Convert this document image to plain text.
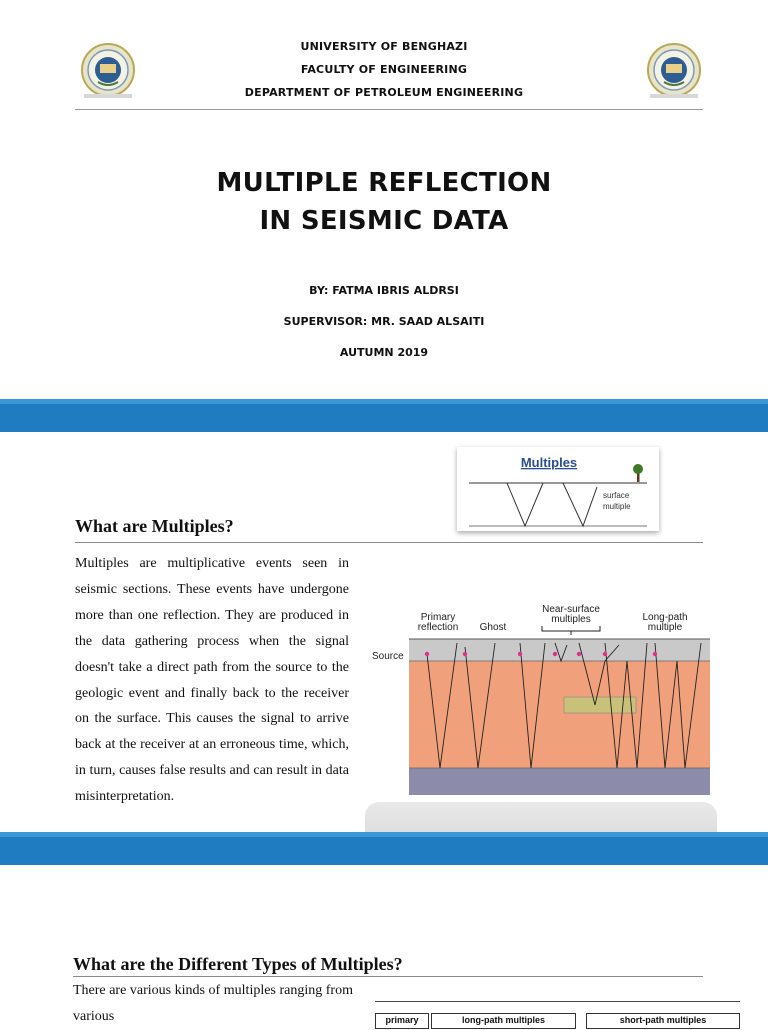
UNIVERSITY OF BENGHAZI
FACULTY OF ENGINEERING
DEPARTMENT OF PETROLEUM ENGINEERING
MULTIPLE REFLECTION
IN SEISMIC DATA
BY: FATMA IBRIS ALDRSI
SUPERVISOR: MR. SAAD ALSAITI
AUTUMN 2019
Multiples
surface
multiple
What are Multiples?
Multiples are multiplicative events seen in seismic sections. These events have undergone more than one reflection. They are produced in the data gathering process when the signal doesn't take a direct path from the source to the geologic event and finally back to the receiver on the surface. This causes the signal to arrive back at the receiver at an erroneous time, which, in turn, causes false results and can result in data misinterpretation.
Primary
reflection Ghost
Near-surface
multiples	Long-path
multiple
Source
What are the Different Types of Multiples?
There are various kinds of multiples ranging from various	primary	long-path multiples	short-path multiples
